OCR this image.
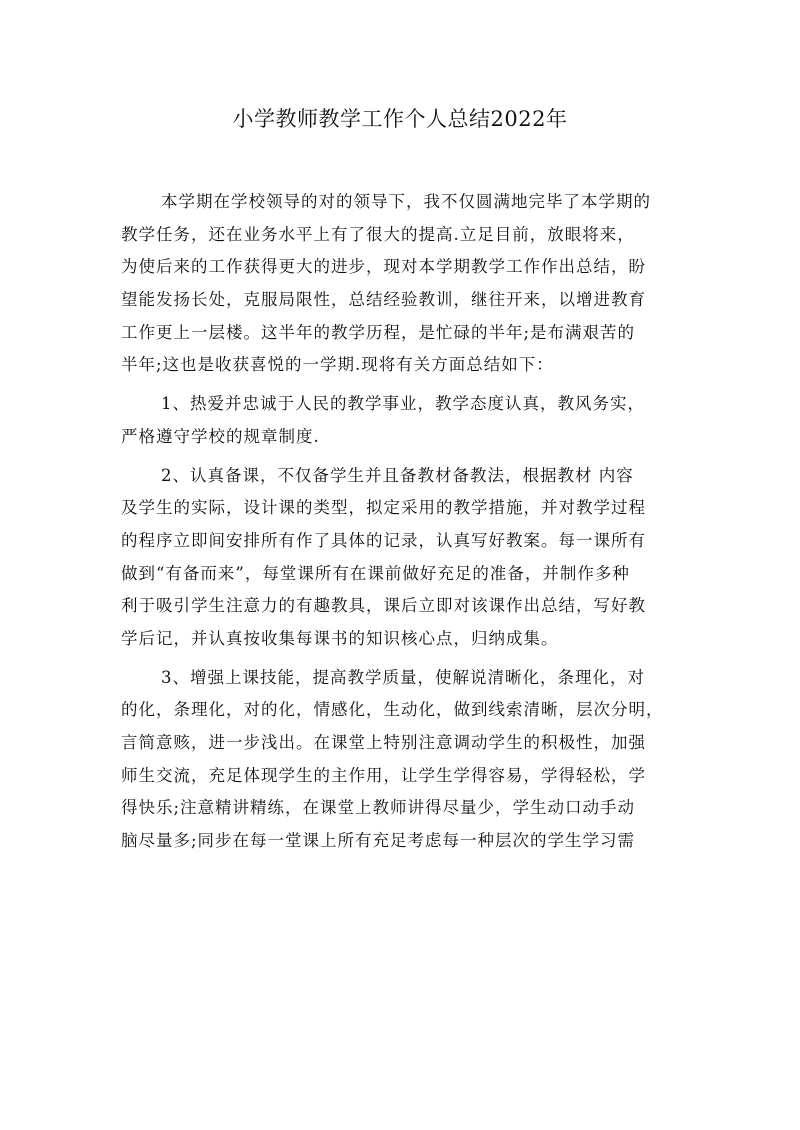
小学教师教学工作个人总结2022年
本学期在学校领导的对的领导下，我不仅圆满地完毕了本学期的
教学任务，还在业务水平上有了很大的提高.立足目前，放眼将来，
为使后来的工作获得更大的进步，现对本学期教学工作作出总结，盼
望能发扬长处，克服局限性，总结经验教训，继往开来，以增进教育
工作更上一层楼。这半年的教学历程，是忙碌的半年;是布满艰苦的
半年;这也是收获喜悦的一学期.现将有关方面总结如下：
1、热爱并忠诚于人民的教学事业，教学态度认真，教风务实，
严格遵守学校的规章制度.
2、认真备课，不仅备学生并且备教材备教法，根据教材 内容
及学生的实际，设计课的类型，拟定采用的教学措施，并对教学过程
的程序立即间安排所有作了具体的记录，认真写好教案。每一课所有
做到“有备而来”，每堂课所有在课前做好充足的准备，并制作多种
利于吸引学生注意力的有趣教具，课后立即对该课作出总结，写好教
学后记，并认真按收集每课书的知识核心点，归纳成集。
3、增强上课技能，提高教学质量，使解说清晰化，条理化，对
的化，条理化，对的化，情感化，生动化，做到线索清晰，层次分明，
言简意赅，进一步浅出。在课堂上特别注意调动学生的积极性，加强
师生交流，充足体现学生的主作用，让学生学得容易，学得轻松，学
得快乐;注意精讲精练，在课堂上教师讲得尽量少，学生动口动手动
脑尽量多;同步在每一堂课上所有充足考虑每一种层次的学生学习需
